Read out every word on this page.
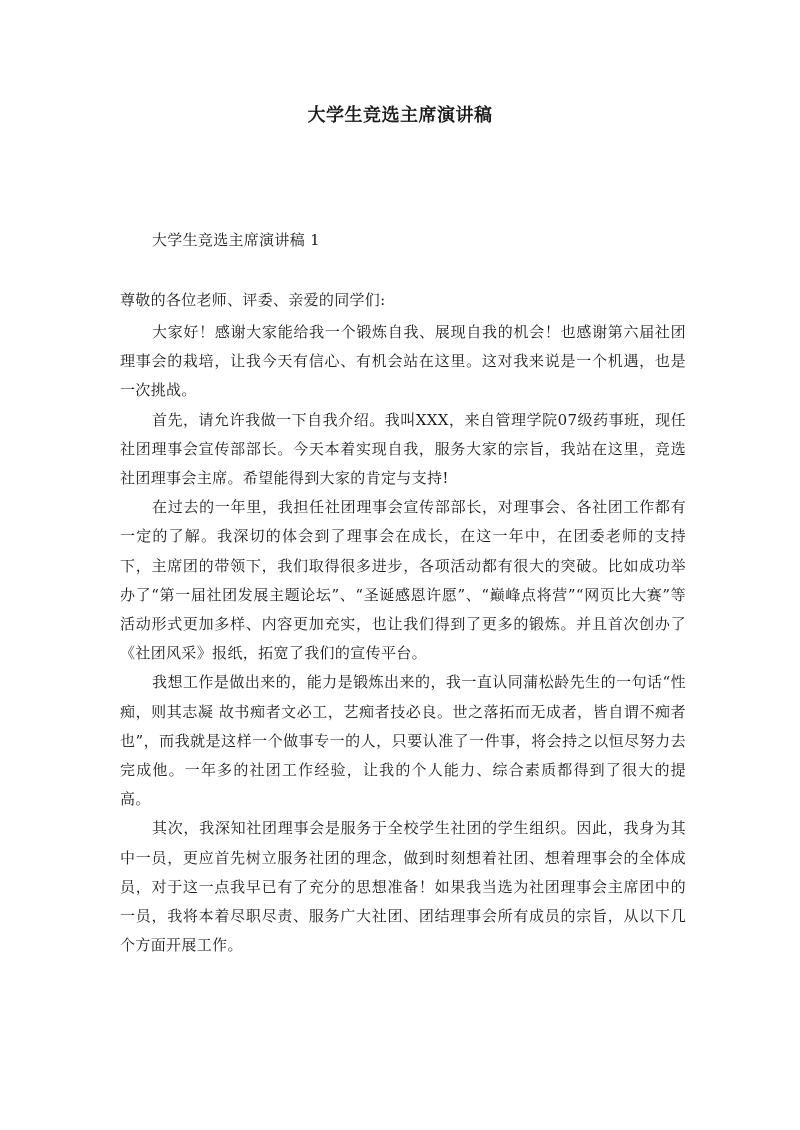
大学生竞选主席演讲稿
大学生竞选主席演讲稿 1
尊敬的各位老师、评委、亲爱的同学们:

大家好！感谢大家能给我一个锻炼自我、展现自我的机会！也感谢第六届社团理事会的栽培，让我今天有信心、有机会站在这里。这对我来说是一个机遇，也是一次挑战。

首先，请允许我做一下自我介绍。我叫XXX，来自管理学院07级药事班，现任社团理事会宣传部部长。今天本着实现自我，服务大家的宗旨，我站在这里，竞选社团理事会主席。希望能得到大家的肯定与支持!

在过去的一年里，我担任社团理事会宣传部部长，对理事会、各社团工作都有一定的了解。我深切的体会到了理事会在成长，在这一年中，在团委老师的支持下，主席团的带领下，我们取得很多进步，各项活动都有很大的突破。比如成功举办了“第一届社团发展主题论坛”、“圣诞感恩许愿”、“巅峰点将营”“网页比大赛”等活动形式更加多样、内容更加充实，也让我们得到了更多的锻炼。并且首次创办了《社团风采》报纸，拓宽了我们的宣传平台。

我想工作是做出来的，能力是锻炼出来的，我一直认同蒲松龄先生的一句话“性痴，则其志凝 故书痴者文必工，艺痴者技必良。世之落拓而无成者，皆自谓不痴者也”，而我就是这样一个做事专一的人，只要认准了一件事，将会持之以恒尽努力去完成他。一年多的社团工作经验，让我的个人能力、综合素质都得到了很大的提高。

其次，我深知社团理事会是服务于全校学生社团的学生组织。因此，我身为其中一员，更应首先树立服务社团的理念，做到时刻想着社团、想着理事会的全体成员，对于这一点我早已有了充分的思想准备！如果我当选为社团理事会主席团中的一员，我将本着尽职尽责、服务广大社团、团结理事会所有成员的宗旨，从以下几个方面开展工作。
